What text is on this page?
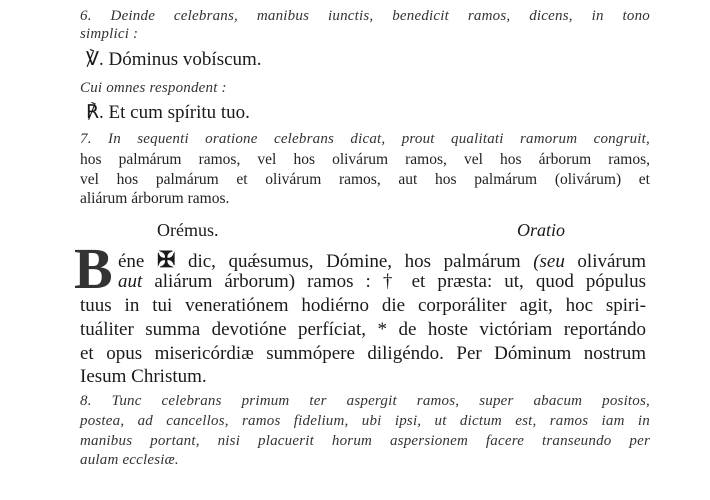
6. Deinde celebrans, manibus iunctis, benedicit ramos, dicens, in tono
simplici :
℣. Dóminus vobíscum.
Cui omnes respondent :
℟. Et cum spíritu tuo.
7. In sequenti oratione celebrans dicat, prout qualitati ramorum congruit,
hos palmárum ramos, vel hos olivárum ramos, vel hos árborum ramos,
vel hos palmárum et olivárum ramos, aut hos palmárum (olivárum) et
aliárum árborum ramos.
Orémus.	Oratio
B éne ✠ dic, quǽsumus, Dómine, hos palmárum (seu olivárum
aut aliárum árborum) ramos : † et præsta: ut, quod pópulus
tuus in tui veneratiónem hodiérno die corporáliter agit, hoc spiri-
tuáliter summa devotióne perfíciat, * de hoste victóriam reportándo
et opus misericórdiæ summópere diligéndo. Per Dóminum nostrum
Iesum Christum.
8. Tunc celebrans primum ter aspergit ramos, super abacum positos,
postea, ad cancellos, ramos fidelium, ubi ipsi, ut dictum est, ramos iam in
manibus portant, nisi placuerit horum aspersionem facere transeundo per
aulam ecclesiæ.
